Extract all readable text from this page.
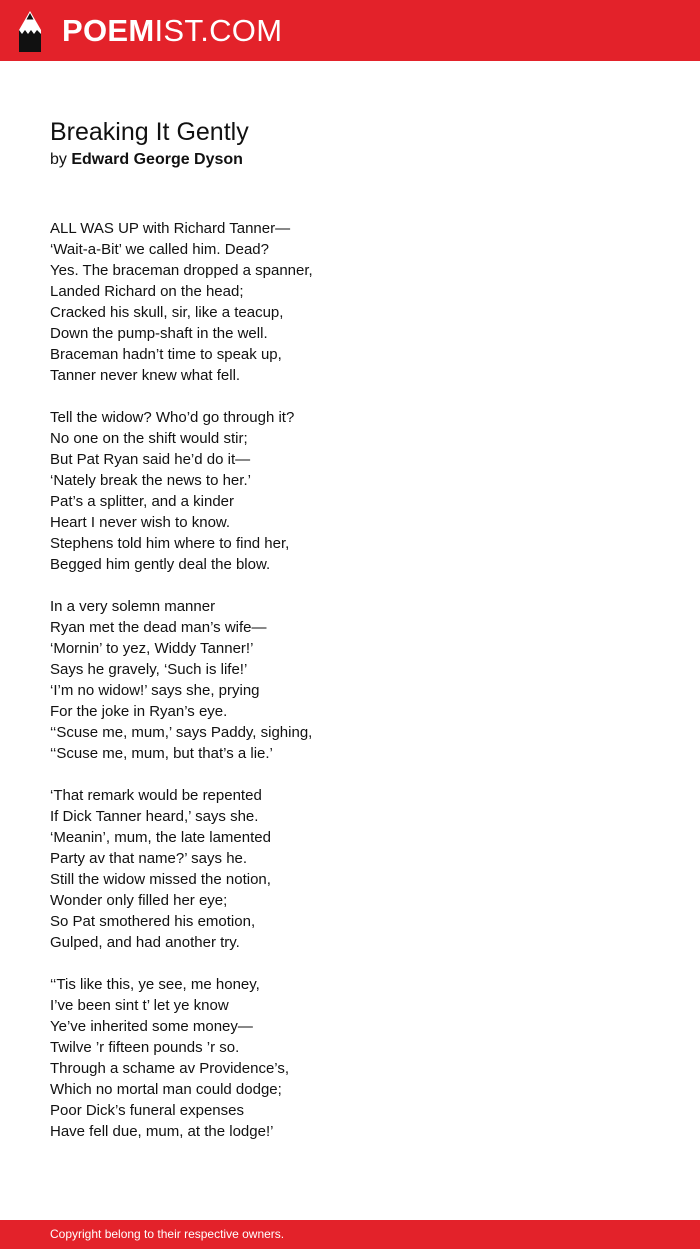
POEMIST.COM
Breaking It Gently
by Edward George Dyson
ALL WAS UP with Richard Tanner—
‘Wait-a-Bit’ we called him. Dead?
Yes. The braceman dropped a spanner,
Landed Richard on the head;
Cracked his skull, sir, like a teacup,
Down the pump-shaft in the well.
Braceman hadn’t time to speak up,
Tanner never knew what fell.
Tell the widow? Who’d go through it?
No one on the shift would stir;
But Pat Ryan said he’d do it—
‘Nately break the news to her.’
Pat’s a splitter, and a kinder
Heart I never wish to know.
Stephens told him where to find her,
Begged him gently deal the blow.
In a very solemn manner
Ryan met the dead man’s wife—
‘Mornin’ to yez, Widdy Tanner!’
Says he gravely, ‘Such is life!’
‘I’m no widow!’ says she, prying
For the joke in Ryan’s eye.
‘‘Scuse me, mum,’ says Paddy, sighing,
‘‘Scuse me, mum, but that’s a lie.’
‘That remark would be repented
If Dick Tanner heard,’ says she.
‘Meanin’, mum, the late lamented
Party av that name?’ says he.
Still the widow missed the notion,
Wonder only filled her eye;
So Pat smothered his emotion,
Gulped, and had another try.
‘‘Tis like this, ye see, me honey,
I’ve been sint t’ let ye know
Ye’ve inherited some money—
Twilve ’r fifteen pounds ’r so.
Through a schame av Providence’s,
Which no mortal man could dodge;
Poor Dick’s funeral expenses
Have fell due, mum, at the lodge!’
Copyright belong to their respective owners.
